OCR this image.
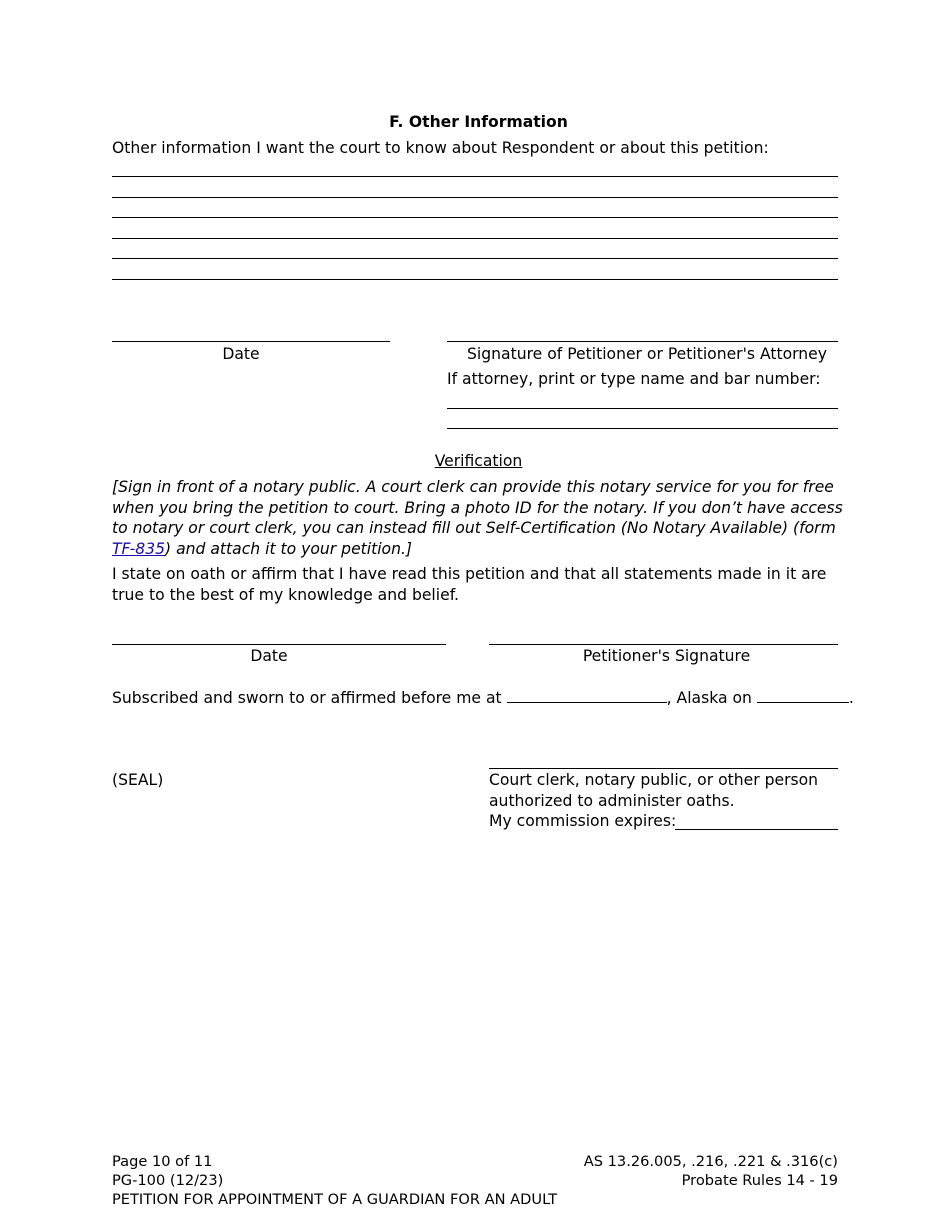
F. Other Information
Other information I want the court to know about Respondent or about this petition:
Date	Signature of Petitioner or Petitioner's Attorney
If attorney, print or type name and bar number:
Verification
[Sign in front of a notary public. A court clerk can provide this notary service for you for free when you bring the petition to court. Bring a photo ID for the notary. If you don’t have access to notary or court clerk, you can instead fill out Self-Certification (No Notary Available) (form TF-835) and attach it to your petition.]
I state on oath or affirm that I have read this petition and that all statements made in it are true to the best of my knowledge and belief.
Date	Petitioner's Signature
Subscribed and sworn to or affirmed before me at	, Alaska on	.
(SEAL)	Court clerk, notary public, or other person
authorized to administer oaths.
My commission expires:
Page 10 of 11
PG-100 (12/23)
PETITION FOR APPOINTMENT OF A GUARDIAN FOR AN ADULT
AS 13.26.005, .216, .221 & .316(c)
Probate Rules 14 - 19
